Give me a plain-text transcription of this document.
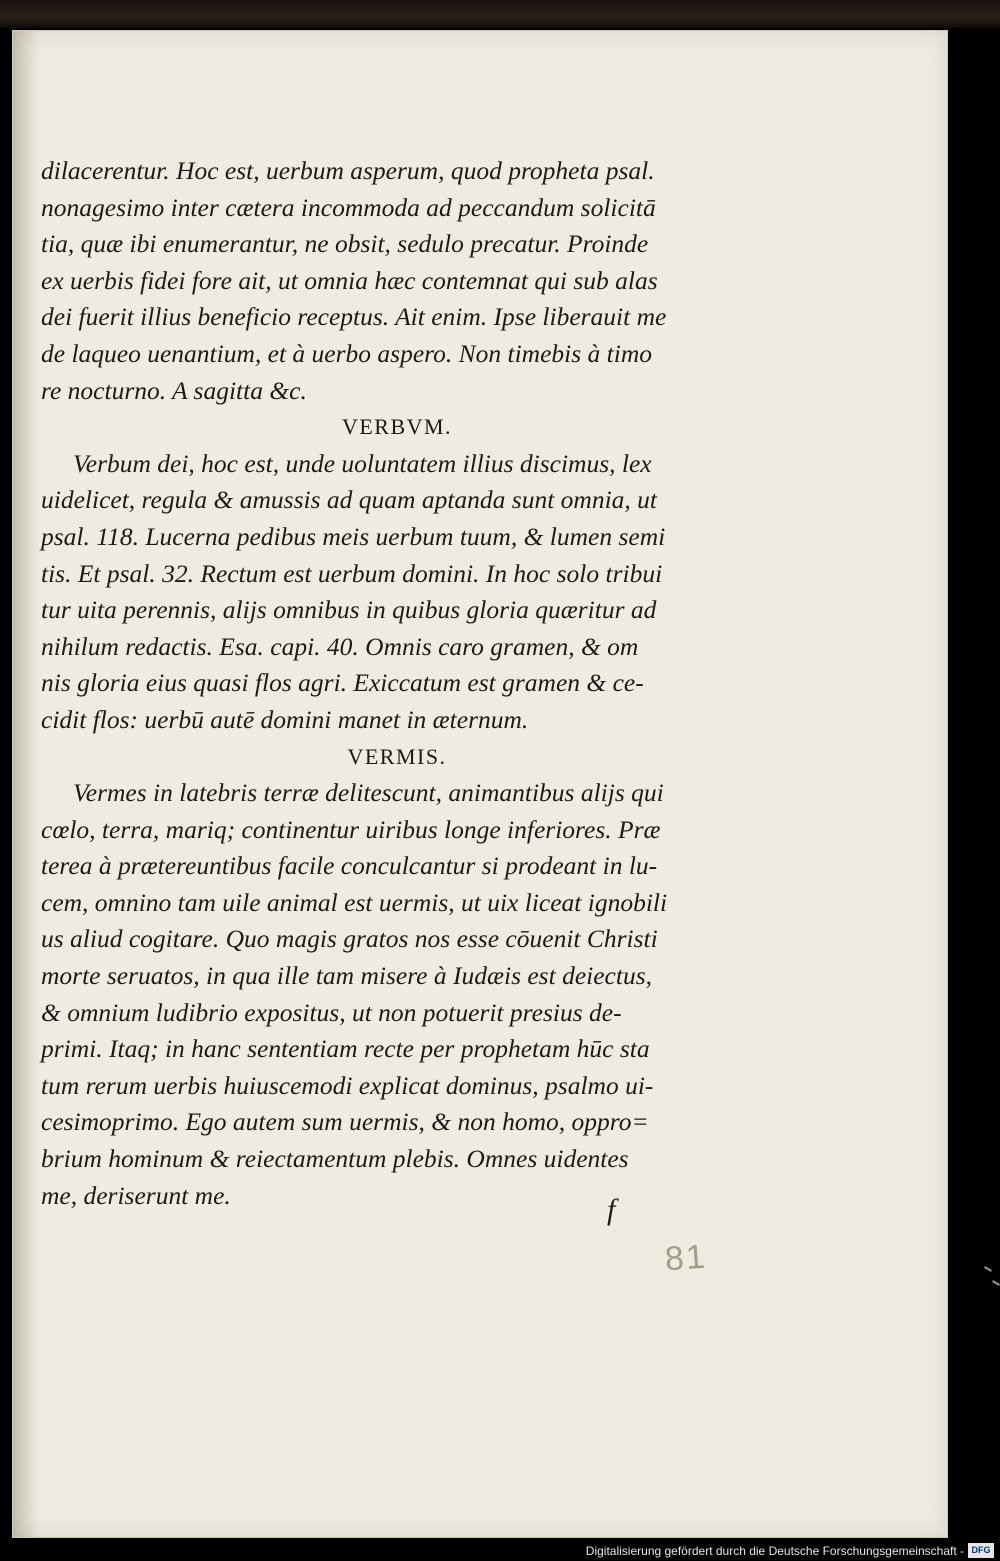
dilacerentur. Hoc est, uerbum asperum, quod propheta psal.
nonagesimo inter cætera incommoda ad peccandum solicitā
tia, quæ ibi enumerantur, ne obsit, sedulo precatur. Proinde
ex uerbis fidei fore ait, ut omnia hæc contemnat qui sub alas
dei fuerit illius beneficio receptus. Ait enim. Ipse liberauit me
de laqueo uenantium, et à uerbo aspero. Non timebis à timo
re nocturno. A sagitta &c.
VERBVM.
Verbum dei, hoc est, unde uoluntatem illius discimus, lex
uidelicet, regula & amussis ad quam aptanda sunt omnia, ut
psal. 118. Lucerna pedibus meis uerbum tuum, & lumen semi
tis. Et psal. 32. Rectum est uerbum domini. In hoc solo tribui
tur uita perennis, alijs omnibus in quibus gloria quæritur ad
nihilum redactis. Esa. capi. 40. Omnis caro gramen, & om
nis gloria eius quasi flos agri. Exiccatum est gramen & ce-
cidit flos: uerbū autē domini manet in æternum.
VERMIS.
Vermes in latebris terræ delitescunt, animantibus alijs qui
cœlo, terra, mariq; continentur uiribus longe inferiores. Præ
terea à prætereuntibus facile conculcantur si prodeant in lu-
cem, omnino tam uile animal est uermis, ut uix liceat ignobili
us aliud cogitare. Quo magis gratos nos esse cōuenit Christi
morte seruatos, in qua ille tam misere à Iudæis est deiectus,
& omnium ludibrio expositus, ut non potuerit presius de-
primi. Itaq; in hanc sententiam recte per prophetam hūc sta
tum rerum uerbis huiuscemodi explicat dominus, psalmo ui-
cesimoprimo. Ego autem sum uermis, & non homo, oppro=
brium hominum & reiectamentum plebis. Omnes uidentes
me, deriserunt me.	f
81
Digitalisierung gefördert durch die Deutsche Forschungsgemeinschaft - DFG
